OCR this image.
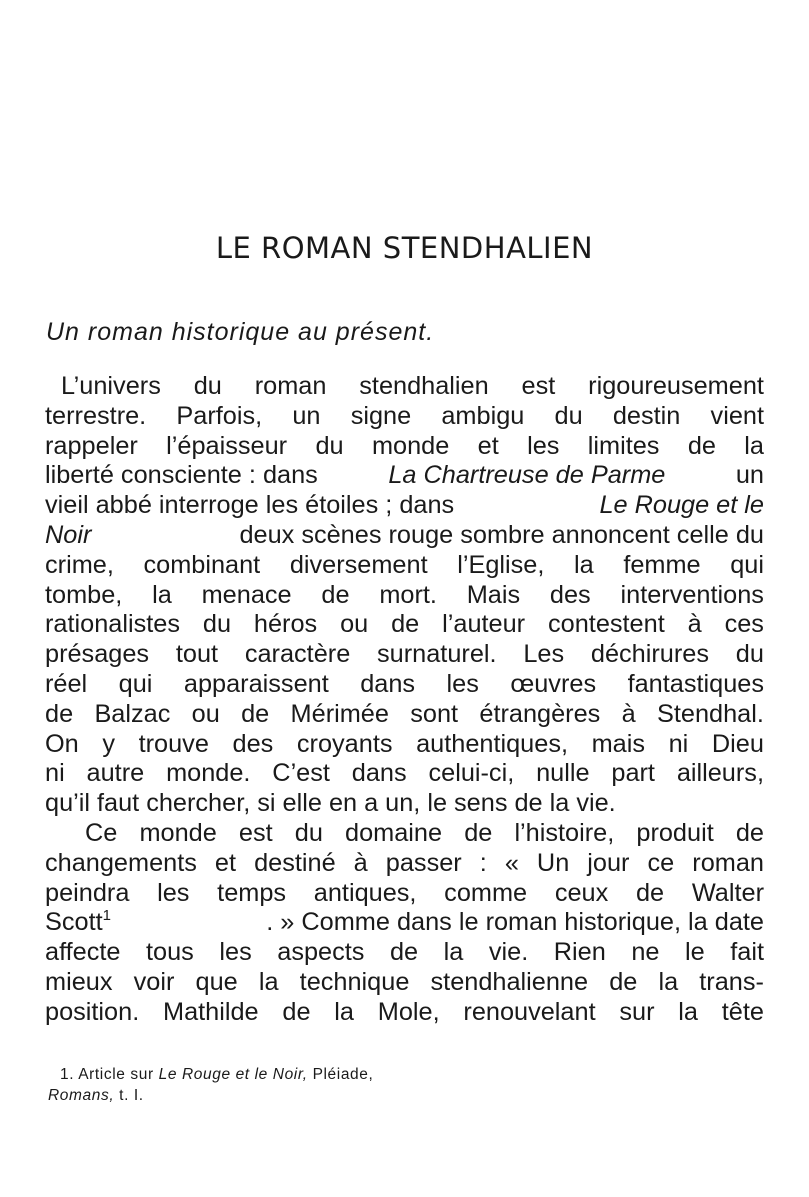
LE ROMAN STENDHALIEN
Un roman historique au présent.
L’univers du roman stendhalien est rigoureusement
terrestre. Parfois, un signe ambigu du destin vient
rappeler l’épaisseur du monde et les limites de la
liberté consciente : dans	La Chartreuse de Parme	un
vieil abbé interroge les étoiles ; dans	Le Rouge et le
Noir	deux scènes rouge sombre annoncent celle du
crime, combinant diversement l’Eglise, la femme qui
tombe, la menace de mort. Mais des interventions
rationalistes du héros ou de l’auteur contestent à ces
présages tout caractère surnaturel. Les déchirures du
réel qui apparaissent dans les œuvres fantastiques
de Balzac ou de Mérimée sont étrangères à Stendhal.
On y trouve des croyants authentiques, mais ni Dieu
ni autre monde. C’est dans celui-ci, nulle part ailleurs,
qu’il faut chercher, si elle en a un, le sens de la vie.
Ce monde est du domaine de l’histoire, produit de
changements et destiné à passer : « Un jour ce roman
peindra les temps antiques, comme ceux de Walter
Scott$^1$	. » Comme dans le roman historique, la date
affecte tous les aspects de la vie. Rien ne le fait
mieux voir que la technique stendhalienne de la trans-
position. Mathilde de la Mole, renouvelant sur la tête
1. Article sur Le Rouge et le Noir, Pléiade,
Romans, t. I.
